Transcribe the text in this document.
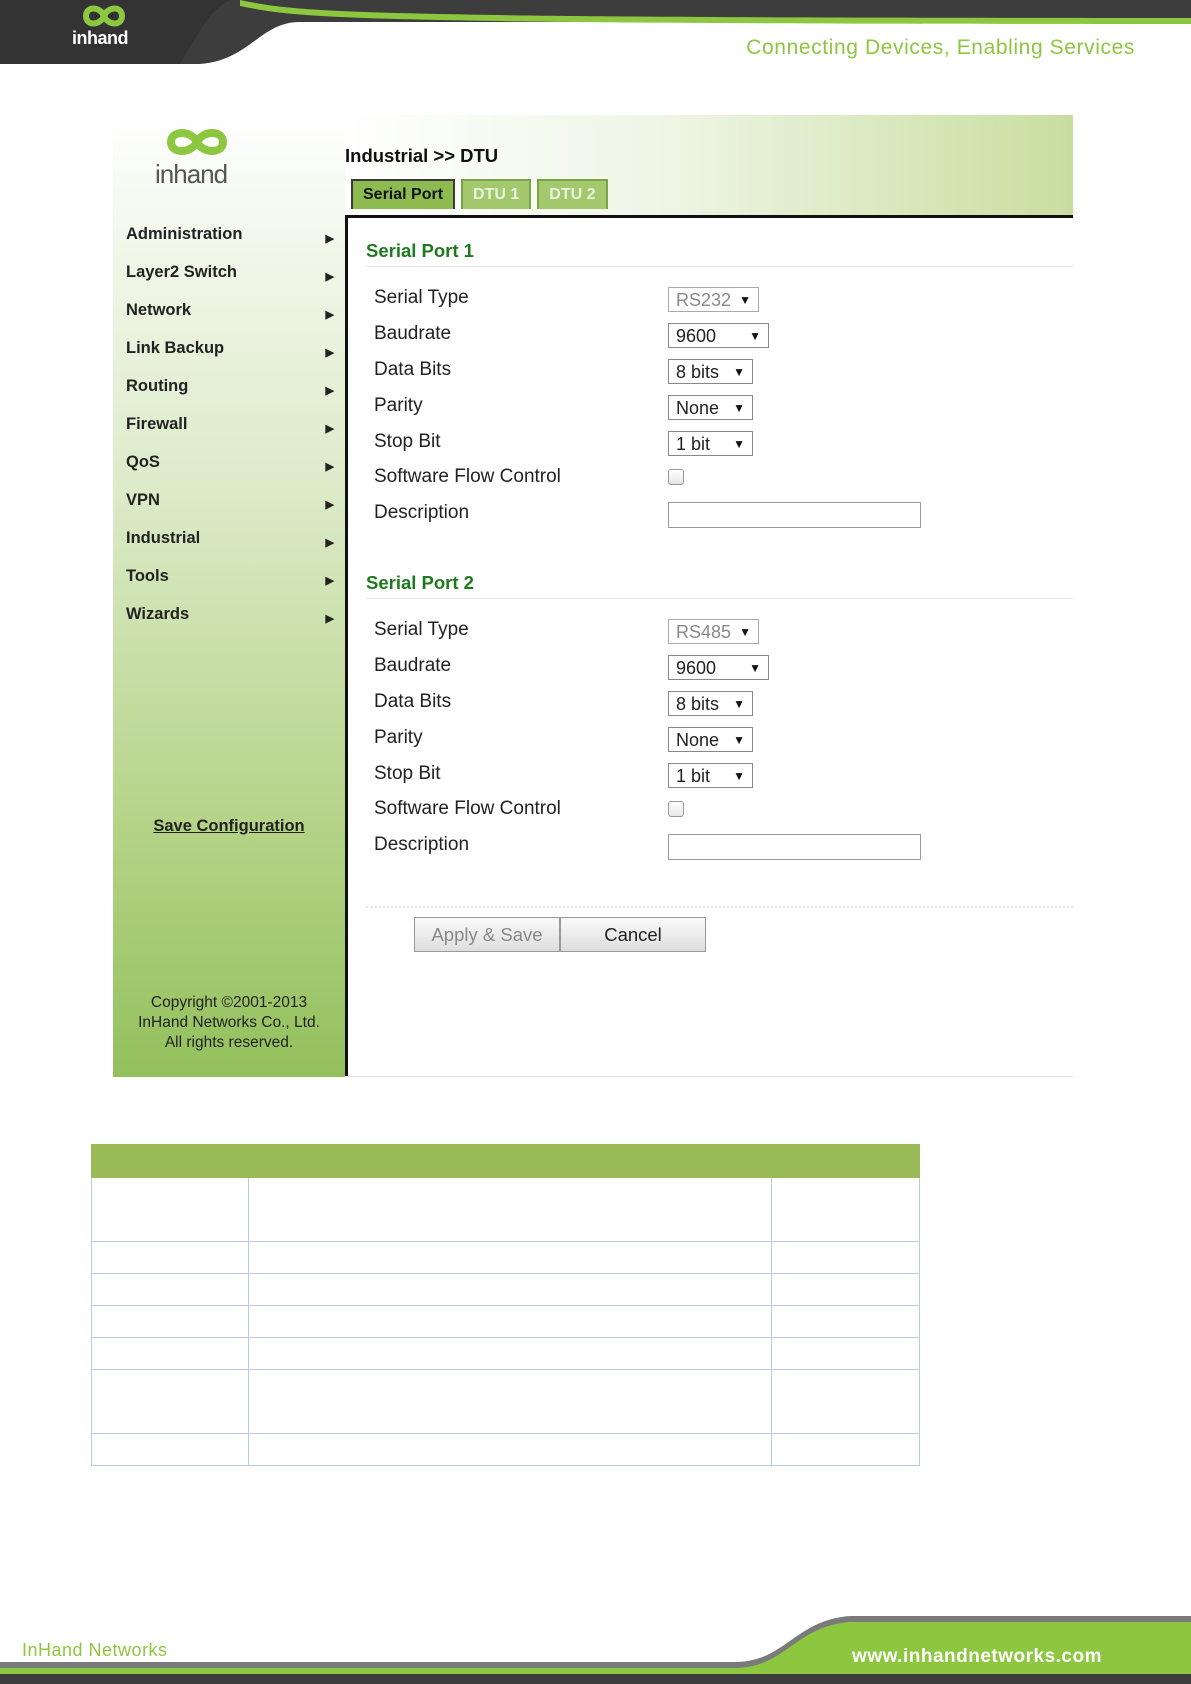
inhand	Connecting Devices, Enabling Services
inhand
Administration	▶
Layer2 Switch	▶
Network	▶
Link Backup	▶
Routing	▶
Firewall	▶
QoS	▶
VPN	▶
Industrial	▶
Tools	▶
Wizards	▶
Save Configuration
Copyright ©2001-2013
InHand Networks Co., Ltd.
All rights reserved.
Industrial >> DTU
Serial Port	DTU 1	DTU 2
Serial Port 1
Serial Type	RS232 ▼
Baudrate	9600	▼
Data Bits	8 bits ▼
Parity	None ▼
Stop Bit	1 bit ▼
Software Flow Control
Description
Serial Port 2
Serial Type	RS485 ▼
Baudrate	9600	▼
Data Bits	8 bits ▼
Parity	None ▼
Stop Bit	1 bit ▼
Software Flow Control
Description
Apply & Save	Cancel

InHand Networks	www.inhandnetworks.com
